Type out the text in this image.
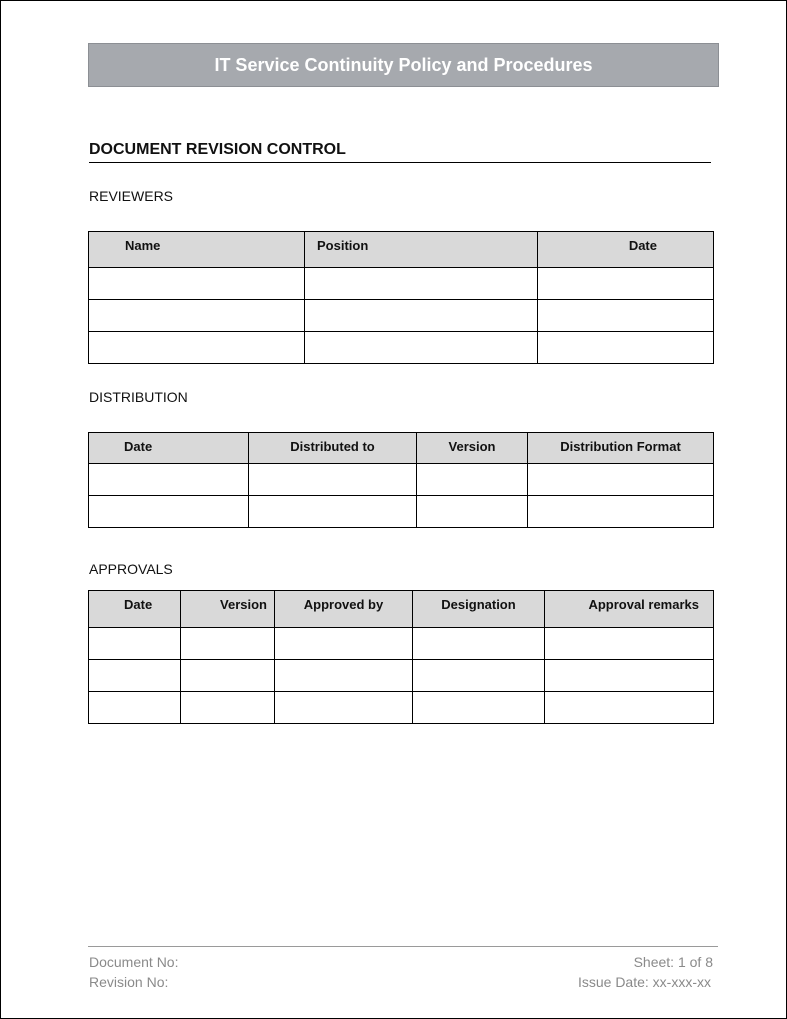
IT Service Continuity Policy and Procedures
DOCUMENT REVISION CONTROL
REVIEWERS
Name	Position	Date

DISTRIBUTION
Date	Distributed to	Version	Distribution Format

APPROVALS
Date	Version	Approved by	Designation	Approval remarks

Document No:
Revision No:
Sheet: 1 of 8
Issue Date: xx-xxx-xx
